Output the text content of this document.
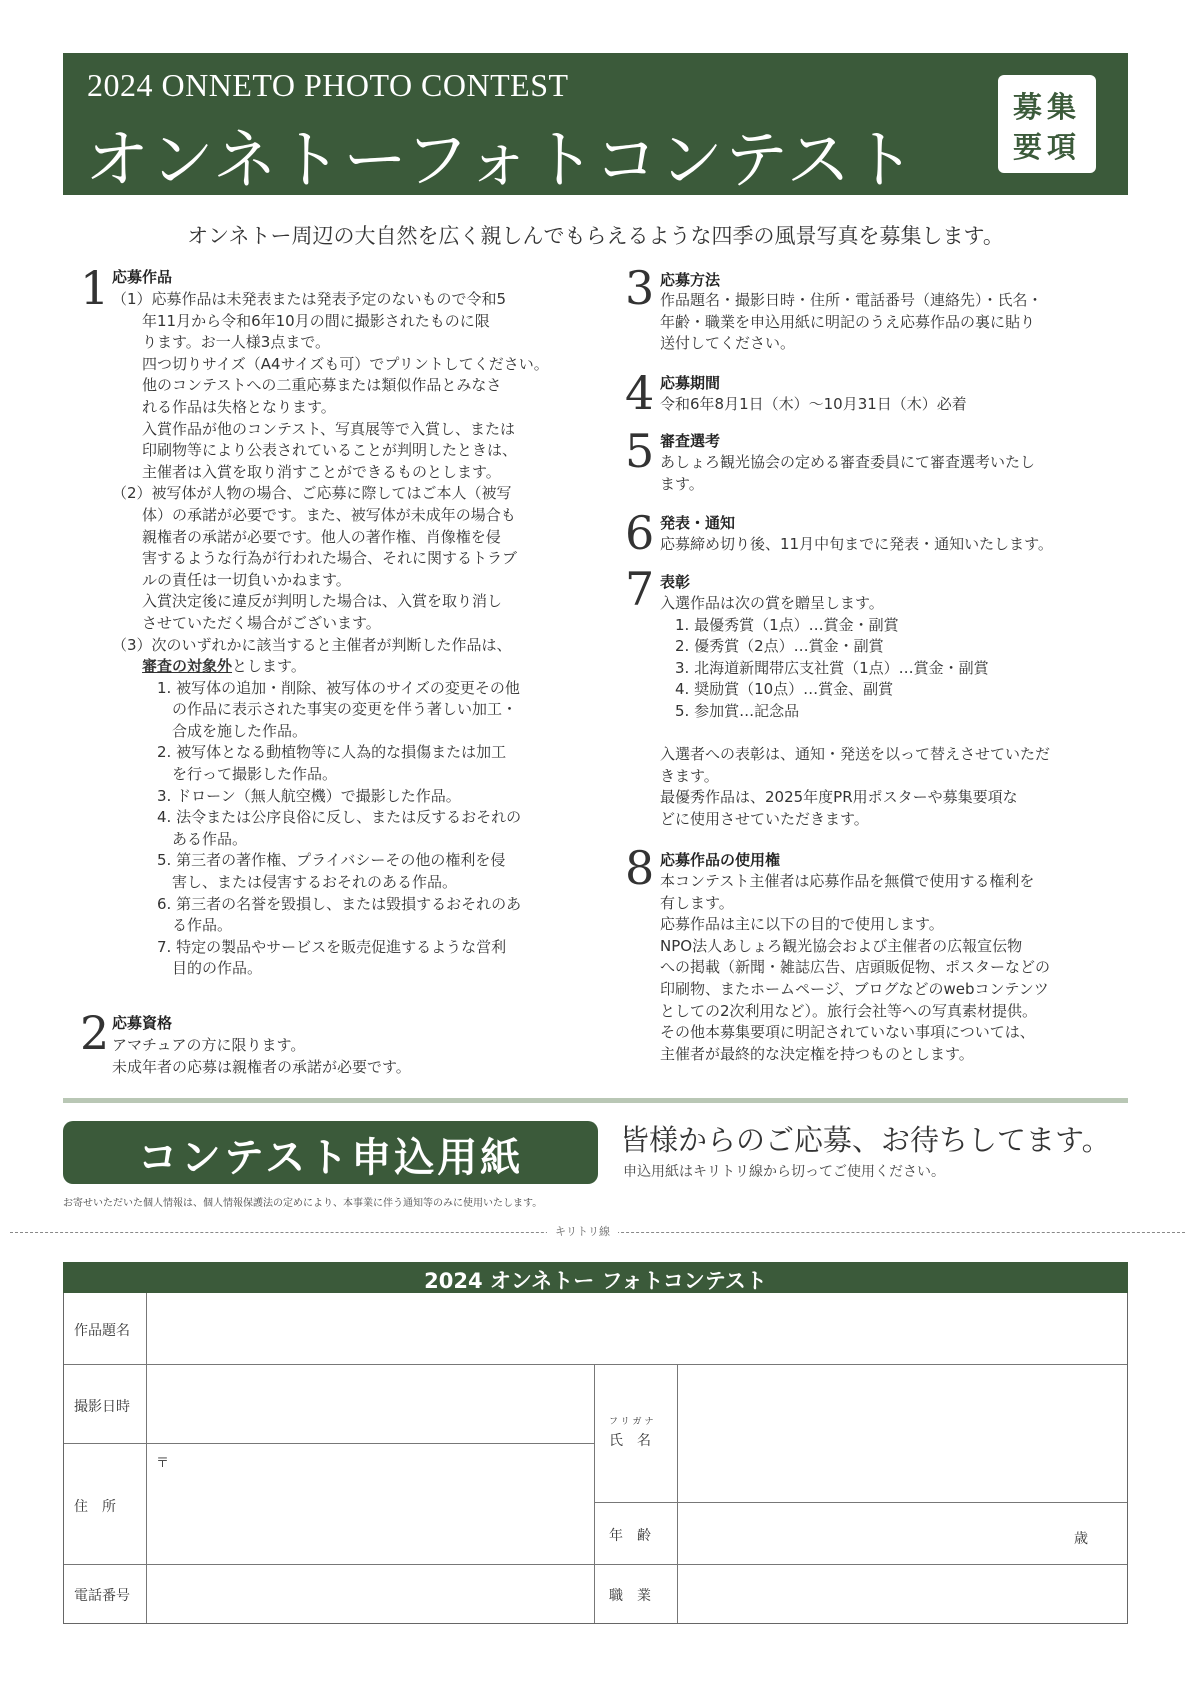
2024 ONNETO PHOTO CONTEST
オンネトーフォトコンテスト
募集
要項
オンネトー周辺の大自然を広く親しんでもらえるような四季の風景写真を募集します。
1 応募作品
（1）応募作品は未発表または発表予定のないもので令和5
　　年11月から令和6年10月の間に撮影されたものに限
　　ります。お一人様3点まで。
　　四つ切りサイズ（A4サイズも可）でプリントしてください。
　　他のコンテストへの二重応募または類似作品とみなさ
　　れる作品は失格となります。
　　入賞作品が他のコンテスト、写真展等で入賞し、または
　　印刷物等により公表されていることが判明したときは、
　　主催者は入賞を取り消すことができるものとします。
（2）被写体が人物の場合、ご応募に際してはご本人（被写
　　体）の承諾が必要です。また、被写体が未成年の場合も
　　親権者の承諾が必要です。他人の著作権、肖像権を侵
　　害するような行為が行われた場合、それに関するトラブ
　　ルの責任は一切負いかねます。
　　入賞決定後に違反が判明した場合は、入賞を取り消し
　　させていただく場合がございます。
（3）次のいずれかに該当すると主催者が判断した作品は、
　　審査の対象外とします。
　　　1. 被写体の追加・削除、被写体のサイズの変更その他
　　　　の作品に表示された事実の変更を伴う著しい加工・
　　　　合成を施した作品。
　　　2. 被写体となる動植物等に人為的な損傷または加工
　　　　を行って撮影した作品。
　　　3. ドローン（無人航空機）で撮影した作品。
　　　4. 法令または公序良俗に反し、または反するおそれの
　　　　ある作品。
　　　5. 第三者の著作権、プライバシーその他の権利を侵
　　　　害し、または侵害するおそれのある作品。
　　　6. 第三者の名誉を毀損し、または毀損するおそれのあ
　　　　る作品。
　　　7. 特定の製品やサービスを販売促進するような営利
　　　　目的の作品。
2 応募資格
アマチュアの方に限ります。
未成年者の応募は親権者の承諾が必要です。
3 応募方法
作品題名・撮影日時・住所・電話番号（連絡先）・氏名・
年齢・職業を申込用紙に明記のうえ応募作品の裏に貼り
送付してください。
4 応募期間
令和6年8月1日（木）～10月31日（木）必着
5 審査選考
あしょろ観光協会の定める審査委員にて審査選考いたし
ます。
6 発表・通知
応募締め切り後、11月中旬までに発表・通知いたします。
7 表彰
入選作品は次の賞を贈呈します。
　1. 最優秀賞（1点）…賞金・副賞
　2. 優秀賞（2点）…賞金・副賞
　3. 北海道新聞帯広支社賞（1点）…賞金・副賞
　4. 奨励賞（10点）…賞金、副賞
　5. 参加賞…記念品
入選者への表彰は、通知・発送を以って替えさせていただ
きます。
最優秀作品は、2025年度PR用ポスターや募集要項な
どに使用させていただきます。
8 応募作品の使用権
本コンテスト主催者は応募作品を無償で使用する権利を
有します。
応募作品は主に以下の目的で使用します。
NPO法人あしょろ観光協会および主催者の広報宣伝物
への掲載（新聞・雑誌広告、店頭販促物、ポスターなどの
印刷物、またホームページ、ブログなどのwebコンテンツ
としての2次利用など）。旅行会社等への写真素材提供。
その他本募集要項に明記されていない事項については、
主催者が最終的な決定権を持つものとします。
コンテスト申込用紙	皆様からのご応募、お待ちしてます。
申込用紙はキリトリ線から切ってご使用ください。
お寄せいただいた個人情報は、個人情報保護法の定めにより、本事業に伴う通知等のみに使用いたします。
キリトリ線
作品題名
撮影日時
〒
住　所
電話番号
フリガナ
氏　名
年　齢	歳
職　業
2024 オンネトー フォトコンテスト
